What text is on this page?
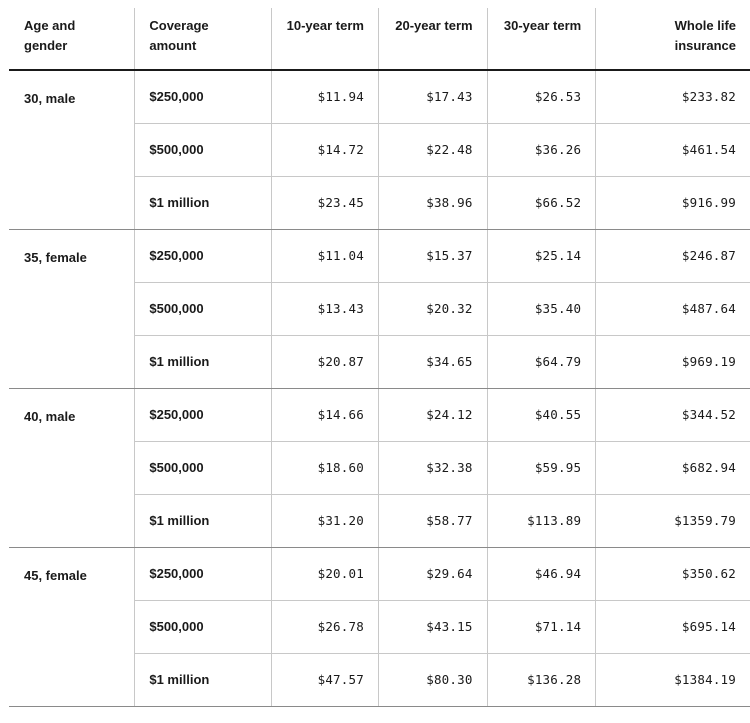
Age and gender	Coverage amount	10-year term	20-year term	30-year term	Whole life insurance
30, male	$250,000	$11.94	$17.43	$26.53	$233.82
	$500,000	$14.72	$22.48	$36.26	$461.54
	$1 million	$23.45	$38.96	$66.52	$916.99
35, female	$250,000	$11.04	$15.37	$25.14	$246.87
	$500,000	$13.43	$20.32	$35.40	$487.64
	$1 million	$20.87	$34.65	$64.79	$969.19
40, male	$250,000	$14.66	$24.12	$40.55	$344.52
	$500,000	$18.60	$32.38	$59.95	$682.94
	$1 million	$31.20	$58.77	$113.89	$1359.79
45, female	$250,000	$20.01	$29.64	$46.94	$350.62
	$500,000	$26.78	$43.15	$71.14	$695.14
	$1 million	$47.57	$80.30	$136.28	$1384.19
